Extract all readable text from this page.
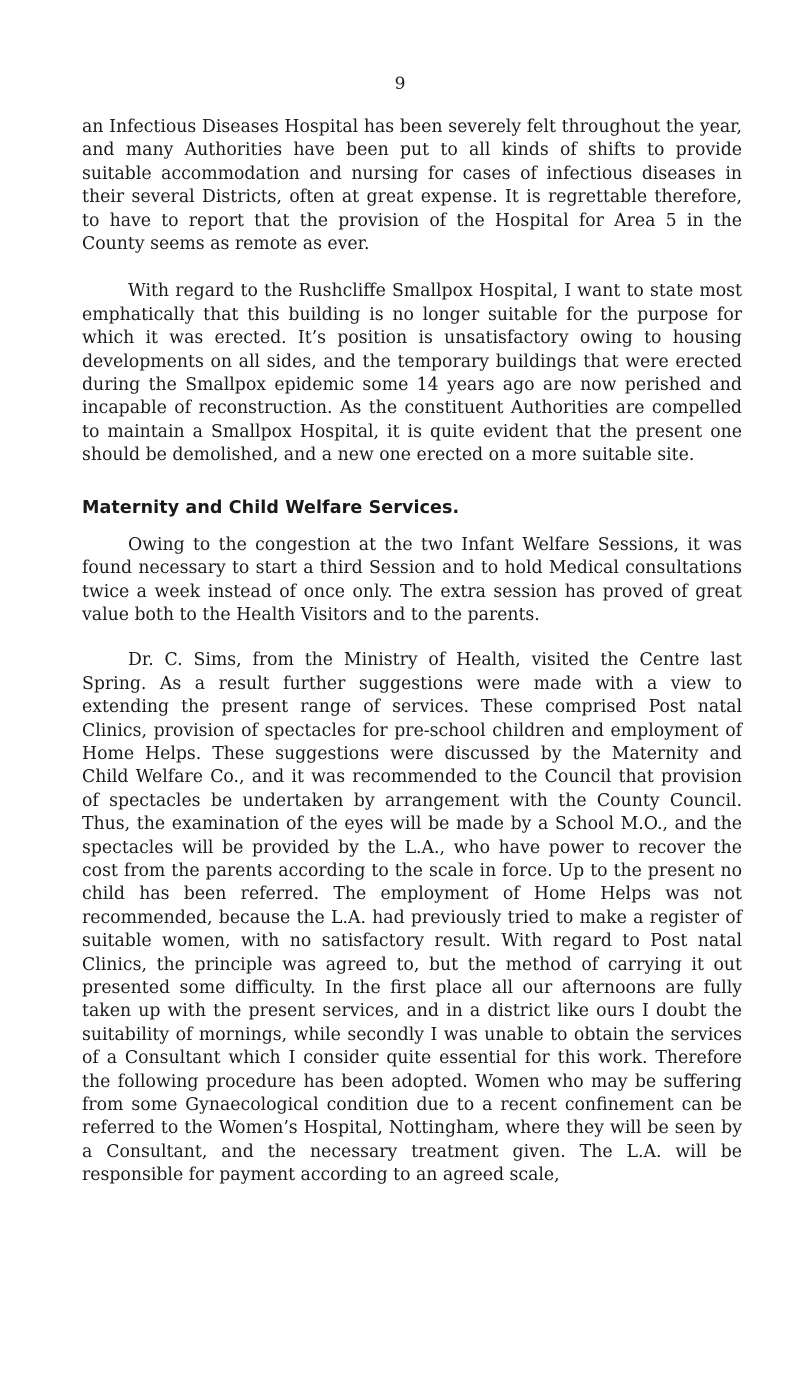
9

an Infectious Diseases Hospital has been severely felt throughout the year, and many Authorities have been put to all kinds of shifts to provide suitable accommodation and nursing for cases of infectious diseases in their several Districts, often at great expense. It is regrettable therefore, to have to report that the provision of the Hospital for Area 5 in the County seems as remote as ever.

With regard to the Rushcliffe Smallpox Hospital, I want to state most emphatically that this building is no longer suitable for the purpose for which it was erected. It’s position is unsatisfactory owing to housing developments on all sides, and the temporary buildings that were erected during the Smallpox epidemic some 14 years ago are now perished and incapable of reconstruction. As the constituent Authorities are compelled to maintain a Smallpox Hospital, it is quite evident that the present one should be demolished, and a new one erected on a more suitable site.

Maternity and Child Welfare Services.

Owing to the congestion at the two Infant Welfare Sessions, it was found necessary to start a third Session and to hold Medical consultations twice a week instead of once only. The extra session has proved of great value both to the Health Visitors and to the parents.

Dr. C. Sims, from the Ministry of Health, visited the Centre last Spring. As a result further suggestions were made with a view to extending the present range of services. These comprised Post natal Clinics, provision of spectacles for pre-school children and employment of Home Helps. These suggestions were discussed by the Maternity and Child Welfare Co., and it was recommended to the Council that provision of spectacles be undertaken by arrangement with the County Council. Thus, the examination of the eyes will be made by a School M.O., and the spectacles will be provided by the L.A., who have power to recover the cost from the parents according to the scale in force. Up to the present no child has been referred. The employment of Home Helps was not recommended, because the L.A. had previously tried to make a register of suitable women, with no satisfactory result. With regard to Post natal Clinics, the principle was agreed to, but the method of carrying it out presented some difficulty. In the first place all our afternoons are fully taken up with the present services, and in a district like ours I doubt the suitability of mornings, while secondly I was unable to obtain the services of a Consultant which I consider quite essential for this work. Therefore the following procedure has been adopted. Women who may be suffering from some Gynaecological condition due to a recent confinement can be referred to the Women’s Hospital, Nottingham, where they will be seen by a Consultant, and the necessary treatment given. The L.A. will be responsible for payment according to an agreed scale,
